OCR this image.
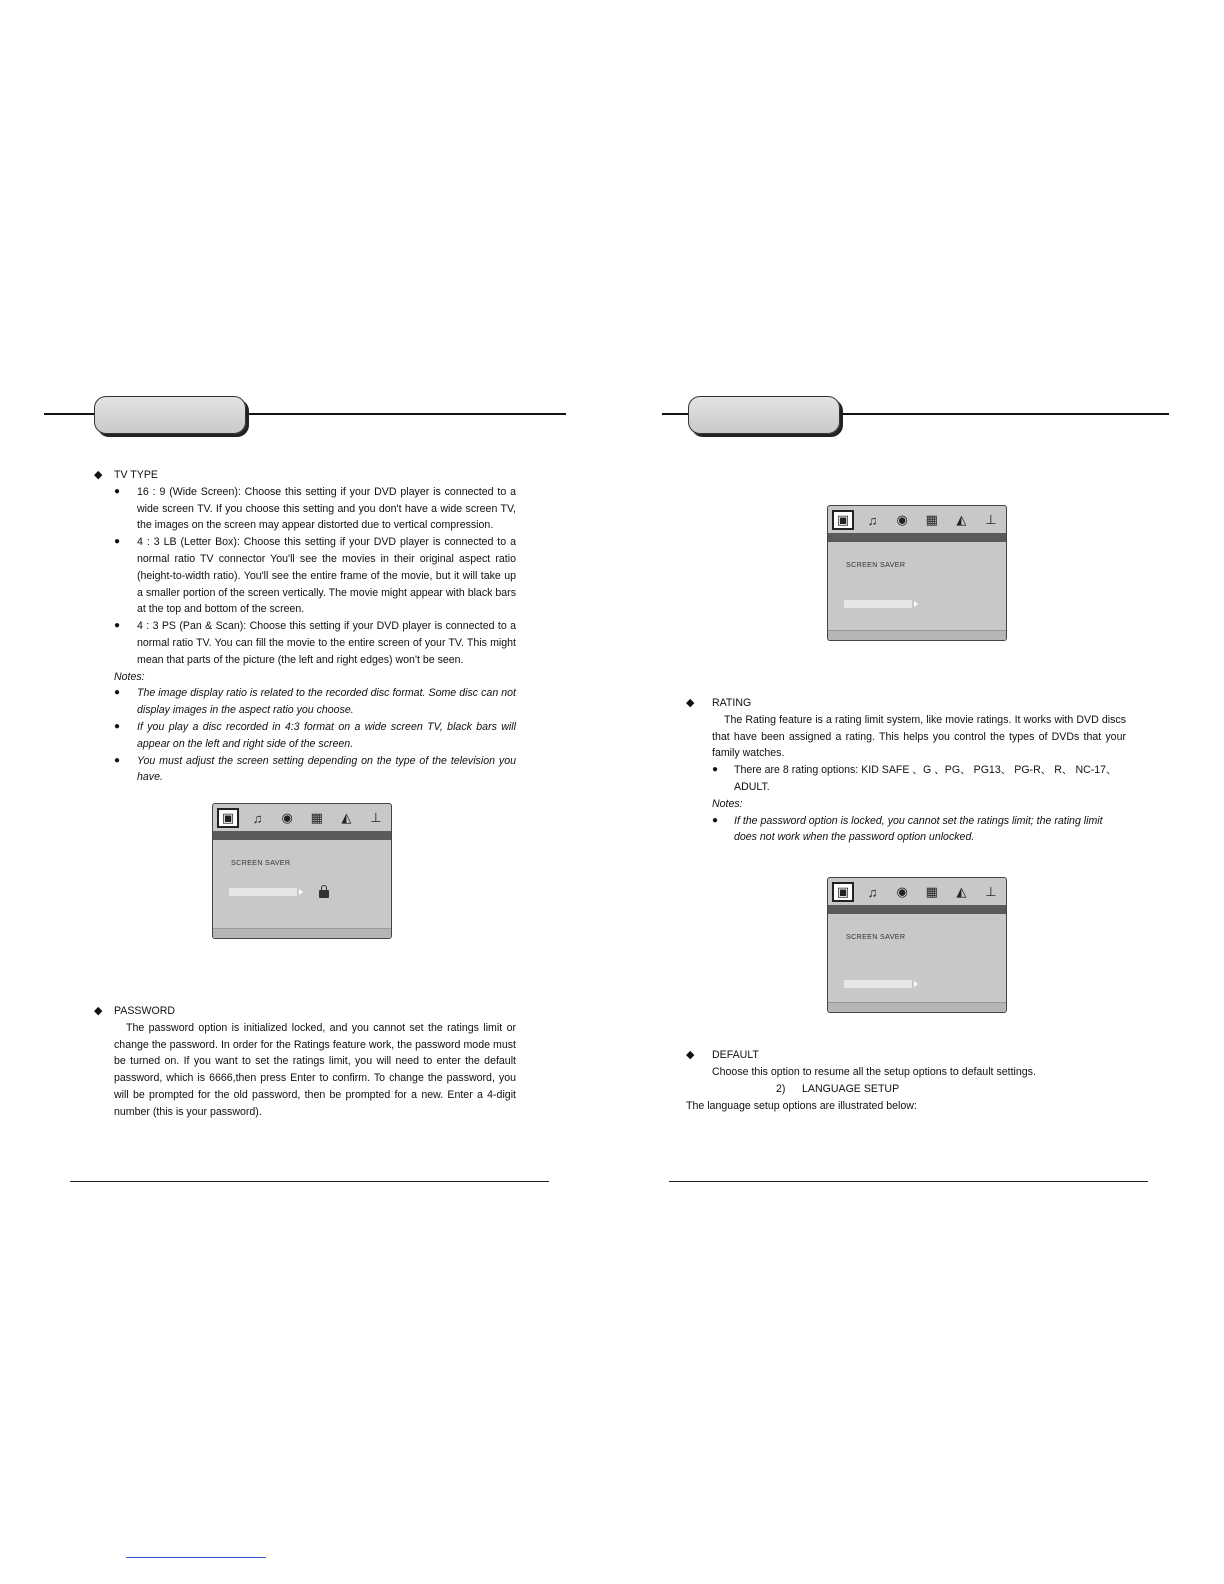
◆ TV TYPE

● 16 : 9 (Wide Screen): Choose this setting if your DVD player is connected to a wide screen TV. If you choose this setting and you don't have a wide screen TV, the images on the screen may appear distorted due to vertical compression.

● 4 : 3 LB (Letter Box): Choose this setting if your DVD player is connected to a normal ratio TV connector You'll see the movies in their original aspect ratio (height-to-width ratio). You'll see the entire frame of the movie, but it will take up a smaller portion of the screen vertically. The movie might appear with black bars at the top and bottom of the screen.

● 4 : 3 PS (Pan & Scan): Choose this setting if your DVD player is connected to a normal ratio TV. You can fill the movie to the entire screen of your TV. This might mean that parts of the picture (the left and right edges) won't be seen.

Notes:

● The image display ratio is related to the recorded disc format. Some disc can not display images in the aspect ratio you choose.

● If you play a disc recorded in 4:3 format on a wide screen TV, black bars will appear on the left and right side of the screen.

● You must adjust the screen setting depending on the type of the television you have.

▣	♫	◉	▦	◭	⊥
SCREEN SAVER
◆ PASSWORD

The password option is initialized locked, and you cannot set the ratings limit or change the password. In order for the Ratings feature work, the password mode must be turned on. If you want to set the ratings limit, you will need to enter the default password, which is 6666,then press Enter to confirm. To change the password, you will be prompted for the old password, then be prompted for a new. Enter a 4-digit number (this is your password).

▣	♫	◉	▦	◭	⊥
SCREEN SAVER
◆ RATING

The Rating feature is a rating limit system, like movie ratings. It works with DVD discs that have been assigned a rating. This helps you control the types of DVDs that your family watches.

● There are 8 rating options: KID SAFE 、G 、PG、 PG13、 PG-R、 R、 NC-17、 ADULT.

Notes:

● If the password option is locked, you cannot set the ratings limit; the rating limit does not work when the password option unlocked.

▣	♫	◉	▦	◭	⊥
SCREEN SAVER
◆ DEFAULT

Choose this option to resume all the setup options to default settings.

2) LANGUAGE SETUP

The language setup options are illustrated below:
